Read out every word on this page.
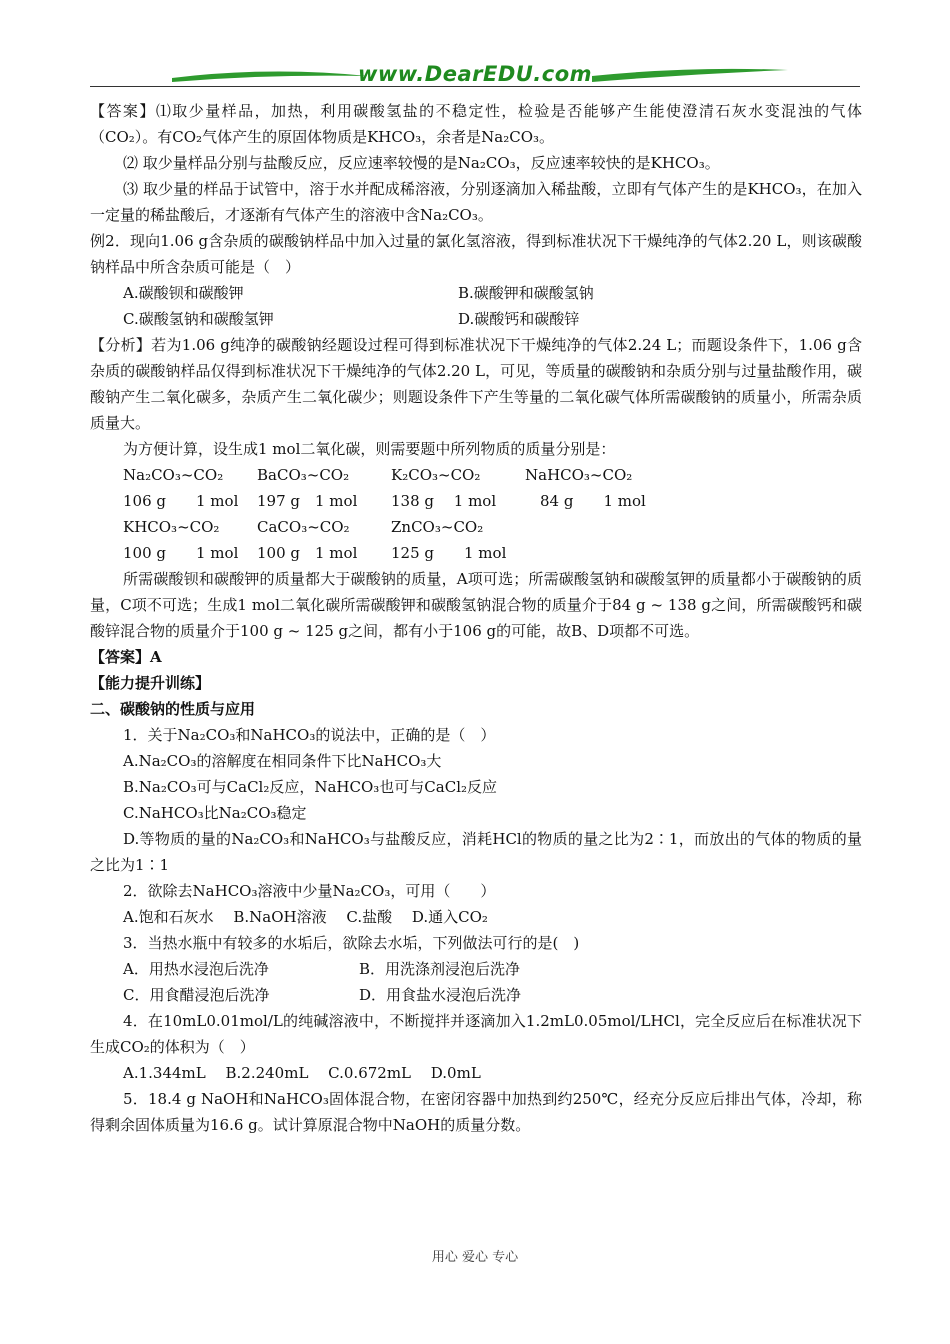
www.DearEDU.com

【答案】⑴取少量样品，加热，利用碳酸氢盐的不稳定性，检验是否能够产生能使澄清石灰水变混浊的气体（CO₂）。有CO₂气体产生的原固体物质是KHCO₃，余者是Na₂CO₃。

⑵ 取少量样品分别与盐酸反应，反应速率较慢的是Na₂CO₃，反应速率较快的是KHCO₃。

⑶ 取少量的样品于试管中，溶于水并配成稀溶液，分别逐滴加入稀盐酸，立即有气体产生的是KHCO₃，在加入一定量的稀盐酸后，才逐渐有气体产生的溶液中含Na₂CO₃。

例2．现向1.06 g含杂质的碳酸钠样品中加入过量的氯化氢溶液，得到标准状况下干燥纯净的气体2.20 L，则该碳酸钠样品中所含杂质可能是（　）

A.碳酸钡和碳酸钾	B.碳酸钾和碳酸氢钠
C.碳酸氢钠和碳酸氢钾	D.碳酸钙和碳酸锌

【分析】若为1.06 g纯净的碳酸钠经题设过程可得到标准状况下干燥纯净的气体2.24 L；而题设条件下，1.06 g含杂质的碳酸钠样品仅得到标准状况下干燥纯净的气体2.20 L，可见，等质量的碳酸钠和杂质分别与过量盐酸作用，碳酸钠产生二氧化碳多，杂质产生二氧化碳少；则题设条件下产生等量的二氧化碳气体所需碳酸钠的质量小，所需杂质质量大。

为方便计算，设生成1 mol二氧化碳，则需要题中所列物质的质量分别是：

Na₂CO₃~CO₂	BaCO₃~CO₂	K₂CO₃~CO₂	NaHCO₃~CO₂
106 g　　1 mol	197 g　1 mol	138 g　 1 mol	　84 g　　1 mol
KHCO₃~CO₂	CaCO₃~CO₂	ZnCO₃~CO₂
100 g　　1 mol	100 g　1 mol	125 g　　1 mol

所需碳酸钡和碳酸钾的质量都大于碳酸钠的质量，A项可选；所需碳酸氢钠和碳酸氢钾的质量都小于碳酸钠的质量，C项不可选；生成1 mol二氧化碳所需碳酸钾和碳酸氢钠混合物的质量介于84 g ~ 138 g之间，所需碳酸钙和碳酸锌混合物的质量介于100 g ~ 125 g之间，都有小于106 g的可能，故B、D项都不可选。

【答案】A

【能力提升训练】

二、碳酸钠的性质与应用

1．关于Na₂CO₃和NaHCO₃的说法中，正确的是（　）

A.Na₂CO₃的溶解度在相同条件下比NaHCO₃大

B.Na₂CO₃可与CaCl₂反应，NaHCO₃也可与CaCl₂反应

C.NaHCO₃比Na₂CO₃稳定

D.等物质的量的Na₂CO₃和NaHCO₃与盐酸反应，消耗HCl的物质的量之比为2∶1，而放出的气体的物质的量之比为1∶1

2．欲除去NaHCO₃溶液中少量Na₂CO₃，可用（　　）

A.饱和石灰水　 B.NaOH溶液　 C.盐酸　 D.通入CO₂

3．当热水瓶中有较多的水垢后，欲除去水垢，下列做法可行的是(　)

A．用热水浸泡后洗净	B．用洗涤剂浸泡后洗净
C．用食醋浸泡后洗净	D．用食盐水浸泡后洗净

4．在10mL0.01mol/L的纯碱溶液中，不断搅拌并逐滴加入1.2mL0.05mol/LHCl，完全反应后在标准状况下生成CO₂的体积为（　）

A.1.344mL　 B.2.240mL　 C.0.672mL　 D.0mL

5．18.4 g NaOH和NaHCO₃固体混合物，在密闭容器中加热到约250℃，经充分反应后排出气体，冷却，称得剩余固体质量为16.6 g。试计算原混合物中NaOH的质量分数。

用心 爱心 专心
